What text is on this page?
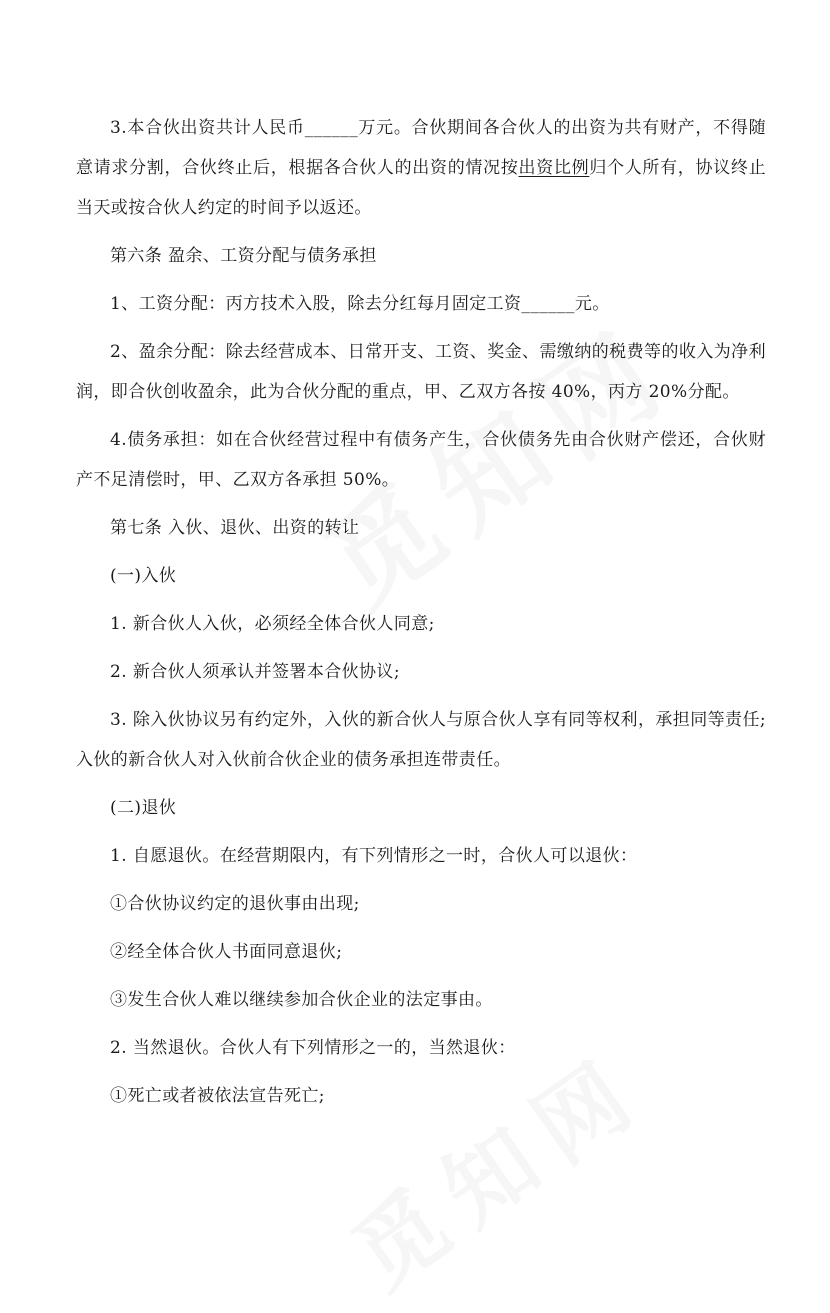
3.本合伙出资共计人民币______万元。合伙期间各合伙人的出资为共有财产，不得随意请求分割，合伙终止后，根据各合伙人的出资的情况按出资比例归个人所有，协议终止当天或按合伙人约定的时间予以返还。

第六条 盈余、工资分配与债务承担

1、工资分配：丙方技术入股，除去分红每月固定工资______元。

2、盈余分配：除去经营成本、日常开支、工资、奖金、需缴纳的税费等的收入为净利润，即合伙创收盈余，此为合伙分配的重点，甲、乙双方各按 40%，丙方 20%分配。

4.债务承担：如在合伙经营过程中有债务产生，合伙债务先由合伙财产偿还，合伙财产不足清偿时，甲、乙双方各承担 50%。

第七条 入伙、退伙、出资的转让

(一)入伙

1. 新合伙人入伙，必须经全体合伙人同意;

2. 新合伙人须承认并签署本合伙协议;

3. 除入伙协议另有约定外，入伙的新合伙人与原合伙人享有同等权利，承担同等责任;入伙的新合伙人对入伙前合伙企业的债务承担连带责任。

(二)退伙

1. 自愿退伙。在经营期限内，有下列情形之一时，合伙人可以退伙：

①合伙协议约定的退伙事由出现;

②经全体合伙人书面同意退伙;

③发生合伙人难以继续参加合伙企业的法定事由。

2. 当然退伙。合伙人有下列情形之一的，当然退伙：

①死亡或者被依法宣告死亡;
